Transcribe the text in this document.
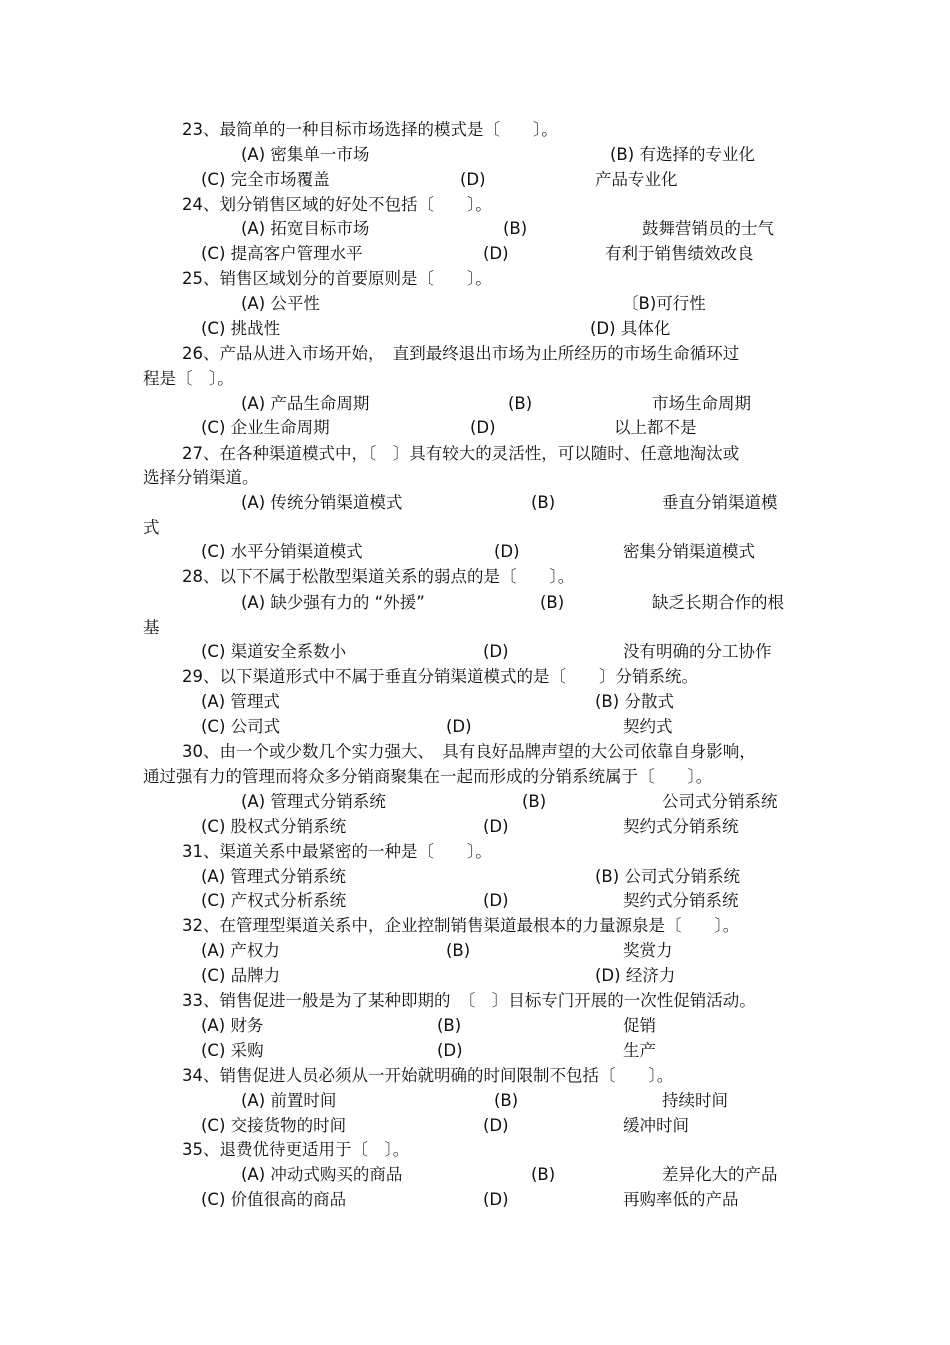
23、最简单的一种目标市场选择的模式是〔　　〕。
(A) 密集单一市场	(B) 有选择的专业化
(C) 完全市场覆盖	(D)	产品专业化
24、划分销售区域的好处不包括〔　　〕。
(A) 拓宽目标市场	(B)	鼓舞营销员的士气
(C) 提高客户管理水平	(D)	有利于销售绩效改良
25、销售区域划分的首要原则是〔　　〕。
(A) 公平性	〔B)可行性
(C) 挑战性	(D) 具体化
26、产品从进入市场开始，　直到最终退出市场为止所经历的市场生命循环过
程是〔　〕。
(A) 产品生命周期	(B)	市场生命周期
(C) 企业生命周期	(D)	以上都不是
27、在各种渠道模式中，〔　〕具有较大的灵活性，可以随时、任意地淘汰或
选择分销渠道。
(A) 传统分销渠道模式	(B)	垂直分销渠道模
式
(C) 水平分销渠道模式	(D)	密集分销渠道模式
28、以下不属于松散型渠道关系的弱点的是〔　　〕。
(A) 缺少强有力的 “外援”	(B)	缺乏长期合作的根
基
(C) 渠道安全系数小	(D)	没有明确的分工协作
29、以下渠道形式中不属于垂直分销渠道模式的是〔　　〕分销系统。
(A) 管理式	(B) 分散式
(C) 公司式	(D)	契约式
30、由一个或少数几个实力强大、　具有良好品牌声望的大公司依靠自身影响，
通过强有力的管理而将众多分销商聚集在一起而形成的分销系统属于〔　　〕。
(A) 管理式分销系统	(B)	公司式分销系统
(C) 股权式分销系统	(D)	契约式分销系统
31、渠道关系中最紧密的一种是〔　　〕。
(A) 管理式分销系统	(B) 公司式分销系统
(C) 产权式分析系统	(D)	契约式分销系统
32、在管理型渠道关系中，企业控制销售渠道最根本的力量源泉是〔　　〕。
(A) 产权力	(B)	奖赏力
(C) 品牌力	(D) 经济力
33、销售促进一般是为了某种即期的　〔　〕目标专门开展的一次性促销活动。
(A) 财务	(B)	促销
(C) 采购	(D)	生产
34、销售促进人员必须从一开始就明确的时间限制不包括〔　　〕。
(A) 前置时间	(B)	持续时间
(C) 交接货物的时间	(D)	缓冲时间
35、退费优待更适用于〔　〕。
(A) 冲动式购买的商品	(B)	差异化大的产品
(C) 价值很高的商品	(D)	再购率低的产品
